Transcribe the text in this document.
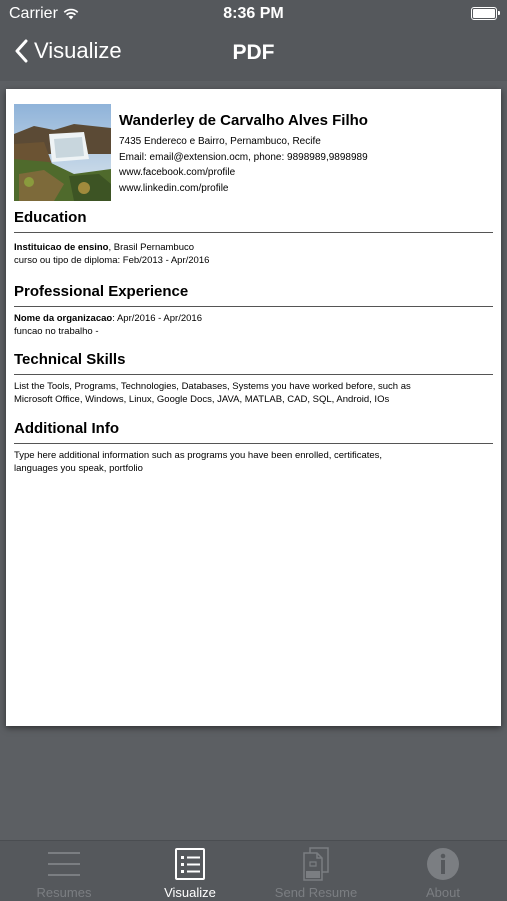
Carrier	8:36 PM
Visualize	PDF
Wanderley de Carvalho Alves Filho
7435 Endereco e Bairro, Pernambuco, Recife
Email: email@extension.ocm, phone: 9898989,9898989
www.facebook.com/profile
www.linkedin.com/profile
Education
Instituicao de ensino, Brasil Pernambuco
curso ou tipo de diploma: Feb/2013 - Apr/2016
Professional Experience
Nome da organizacao: Apr/2016 - Apr/2016
funcao no trabalho -
Technical Skills
List the Tools, Programs, Technologies, Databases, Systems you have worked before, such as
Microsoft Office, Windows, Linux, Google Docs, JAVA, MATLAB, CAD, SQL, Android, IOs
Additional Info
Type here additional information such as programs you have been enrolled, certificates,
languages you speak, portfolio
Resumes	Visualize	Send Resume	About
